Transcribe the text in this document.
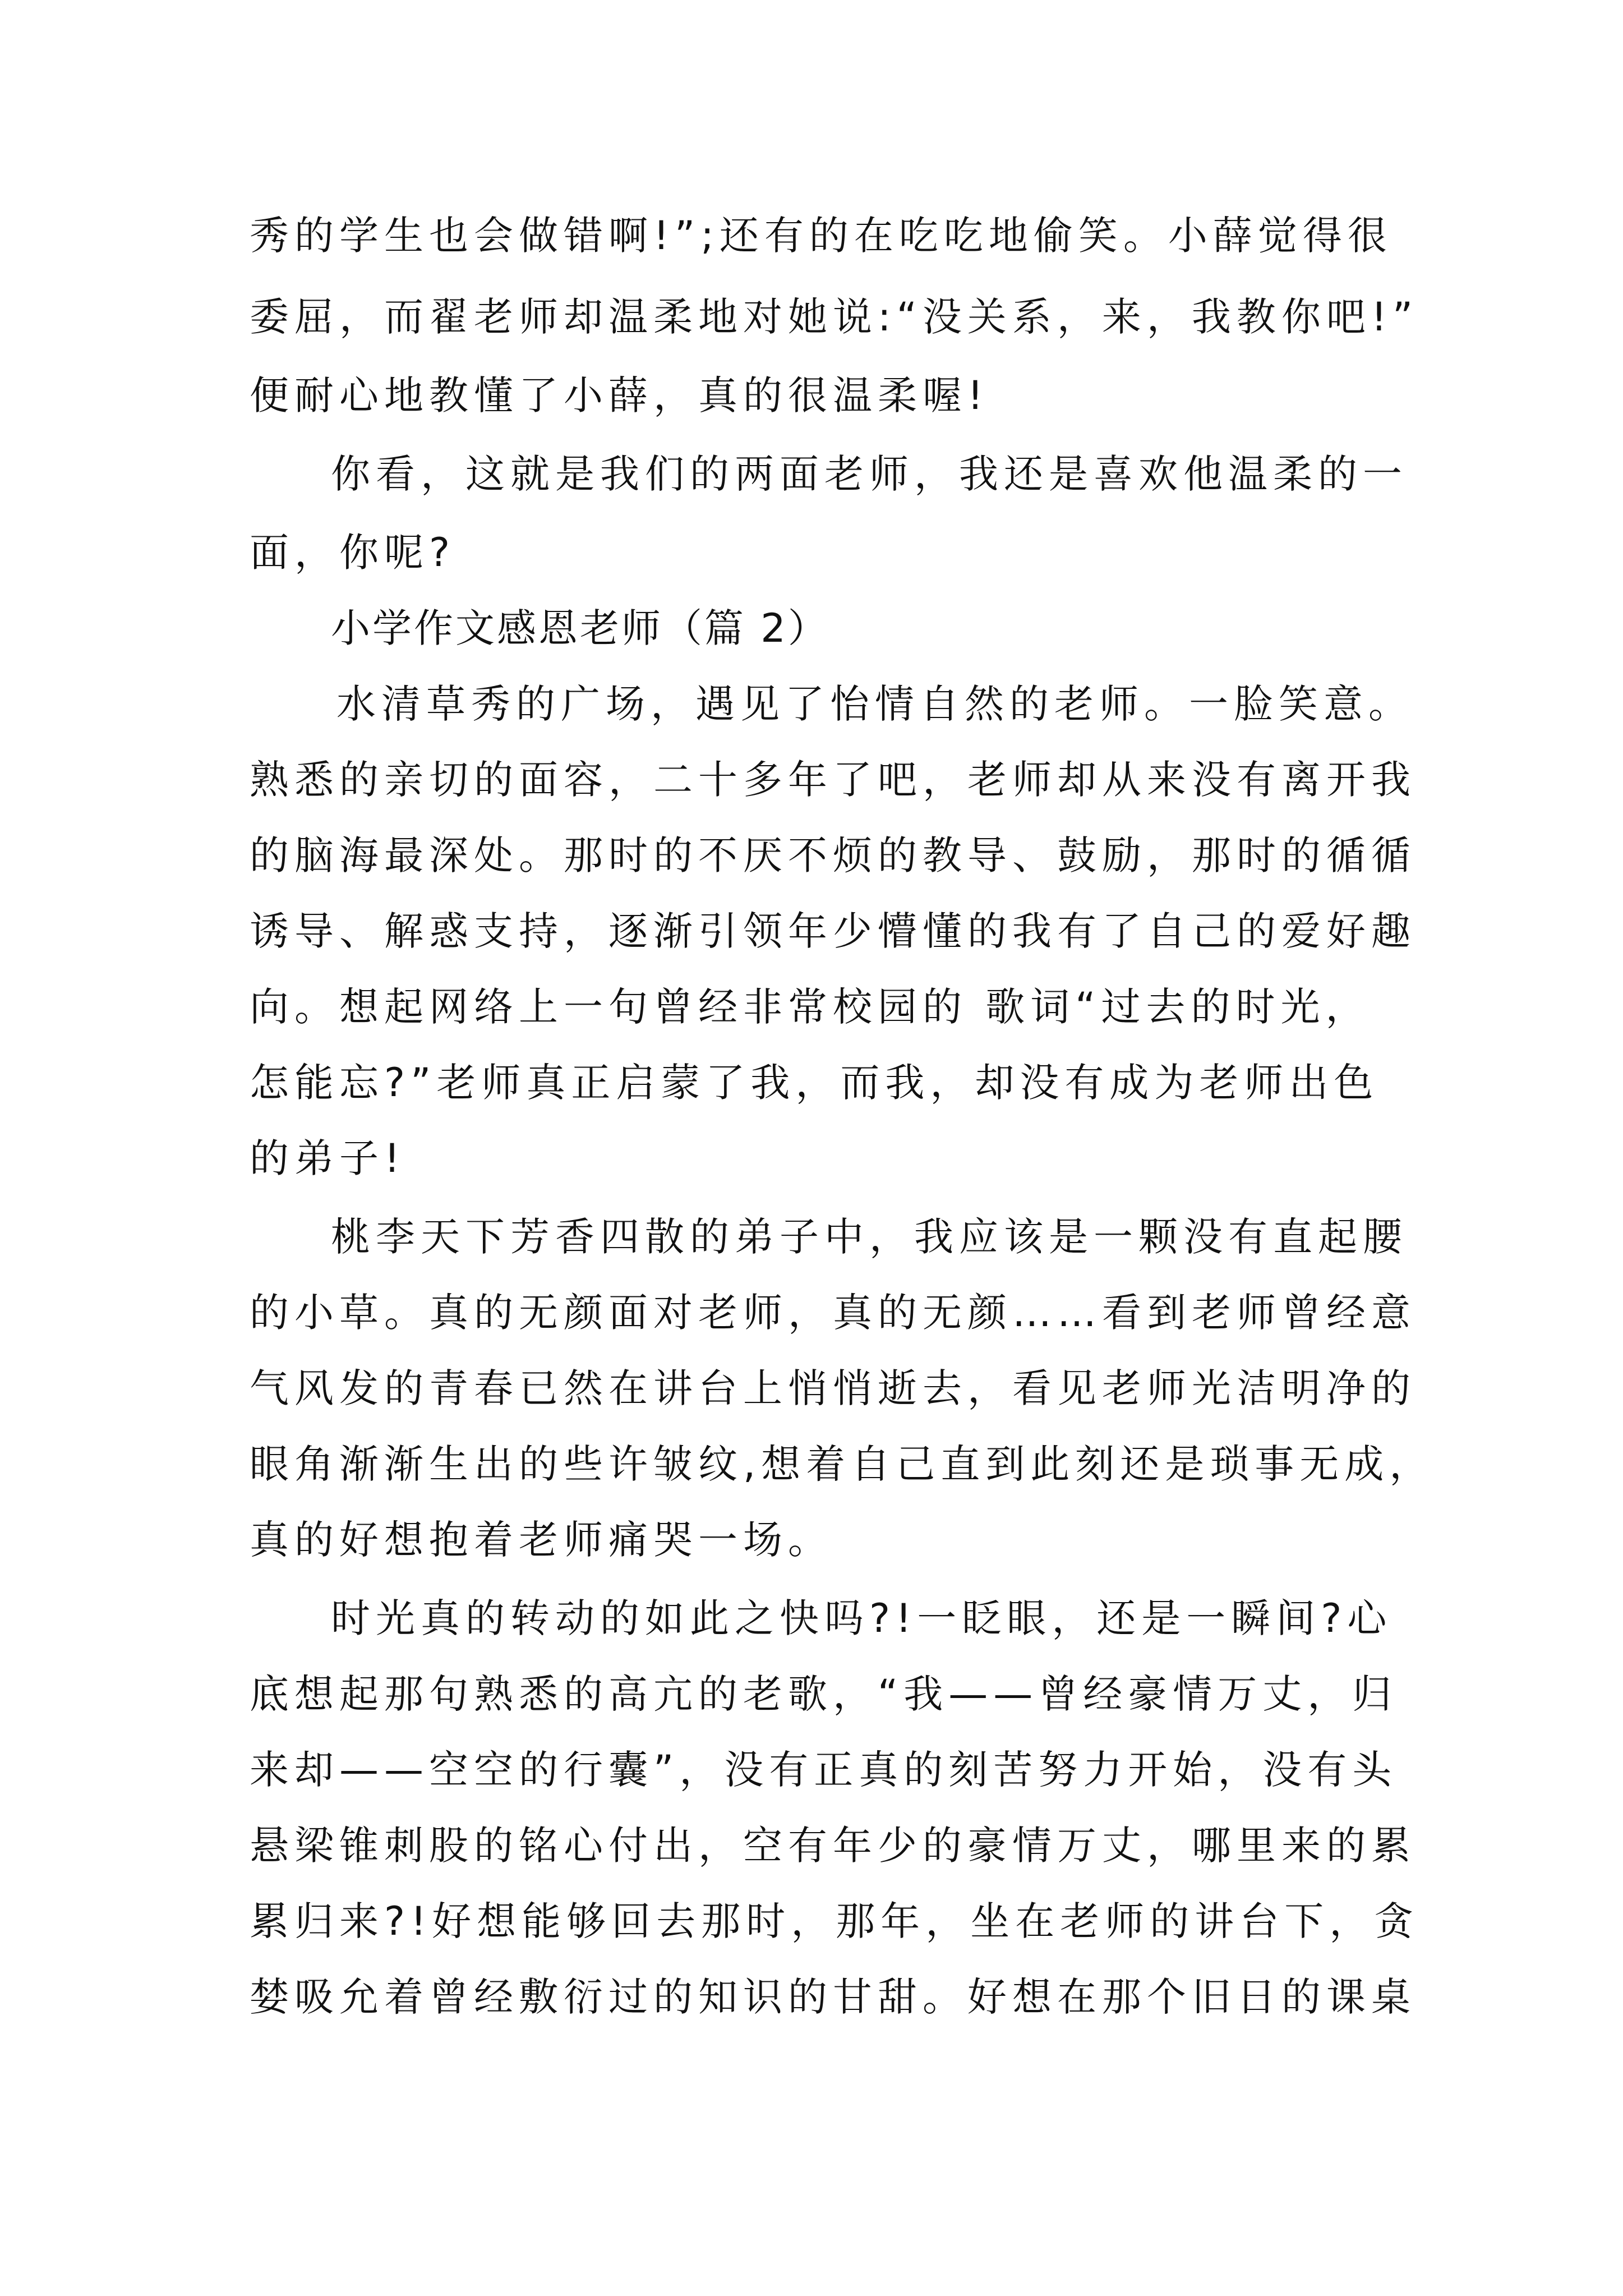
秀的学生也会做错啊!”;还有的在吃吃地偷笑。小薛觉得很
委屈，而翟老师却温柔地对她说:“没关系，来，我教你吧!”
便耐心地教懂了小薛，真的很温柔喔!
你看，这就是我们的两面老师，我还是喜欢他温柔的一
面，你呢?
小学作文感恩老师（篇 2）
水清草秀的广场，遇见了怡情自然的老师。一脸笑意。
熟悉的亲切的面容，二十多年了吧，老师却从来没有离开我
的脑海最深处。那时的不厌不烦的教导、鼓励，那时的循循
诱导、解惑支持，逐渐引领年少懵懂的我有了自己的爱好趣
向。想起网络上一句曾经非常校园的 歌词“过去的时光，
怎能忘?”老师真正启蒙了我，而我，却没有成为老师出色
的弟子!
桃李天下芳香四散的弟子中，我应该是一颗没有直起腰
的小草。真的无颜面对老师，真的无颜……看到老师曾经意
气风发的青春已然在讲台上悄悄逝去，看见老师光洁明净的
眼角渐渐生出的些许皱纹,想着自己直到此刻还是琐事无成，
真的好想抱着老师痛哭一场。
时光真的转动的如此之快吗?!一眨眼，还是一瞬间?心
底想起那句熟悉的高亢的老歌，“我——曾经豪情万丈，归
来却——空空的行囊”，没有正真的刻苦努力开始，没有头
悬梁锥刺股的铭心付出，空有年少的豪情万丈，哪里来的累
累归来?!好想能够回去那时，那年，坐在老师的讲台下，贪
婪吸允着曾经敷衍过的知识的甘甜。好想在那个旧日的课桌
